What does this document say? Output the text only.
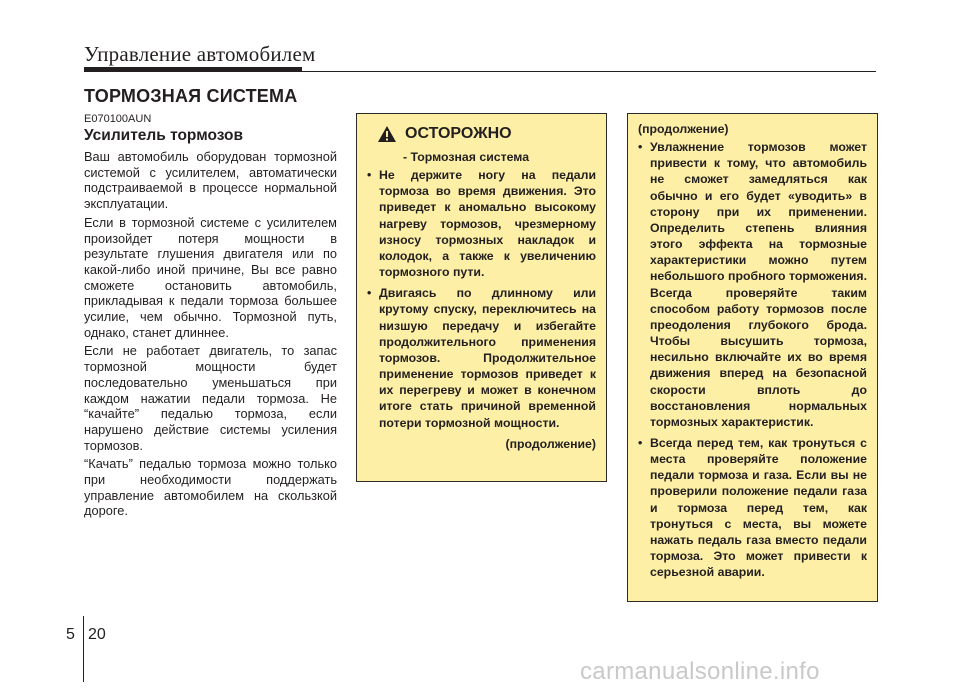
Управление автомобилем
ТОРМОЗНАЯ СИСТЕМА
E070100AUN
Усилитель тормозов

Ваш автомобиль оборудован тормозной системой с усилителем, автоматически подстраиваемой в процессе нормальной эксплуатации.

Если в тормозной системе с усилителем произойдет потеря мощности в результате глушения двигателя или по какой-либо иной причине, Вы все равно сможете остановить автомобиль, прикладывая к педали тормоза большее усилие, чем обычно. Тормозной путь, однако, станет длиннее.

Если не работает двигатель, то запас тормозной мощности будет последовательно уменьшаться при каждом нажатии педали тормоза. Не “качайте” педалью тормоза, если нарушено действие системы усиления тормозов.

“Качать” педалью тормоза можно только при необходимости поддержать управление автомобилем на скользкой дороге.

ОСТОРОЖНО
- Тормозная система
• Не держите ногу на педали тормоза во время движения. Это приведет к аномально высокому нагреву тормозов, чрезмерному износу тормозных накладок и колодок, а также к увеличению тормозного пути.
• Двигаясь по длинному или крутому спуску, переключитесь на низшую передачу и избегайте продолжительного применения тормозов. Продолжительное применение тормозов приведет к их перегреву и может в конечном итоге стать причиной временной потери тормозной мощности.
(продолжение)
(продолжение)
• Увлажнение тормозов может привести к тому, что автомобиль не сможет замедляться как обычно и его будет «уводить» в сторону при их применении. Определить степень влияния этого эффекта на тормозные характеристики можно путем небольшого пробного торможения. Всегда проверяйте таким способом работу тормозов после преодоления глубокого брода. Чтобы высушить тормоза, несильно включайте их во время движения вперед на безопасной скорости вплоть до восстановления нормальных тормозных характеристик.
• Всегда перед тем, как тронуться с места проверяйте положение педали тормоза и газа. Если вы не проверили положение педали газа и тормоза перед тем, как тронуться с места, вы можете нажать педаль газа вместо педали тормоза. Это может привести к серьезной аварии.
5 20
carmanualsonline.info
